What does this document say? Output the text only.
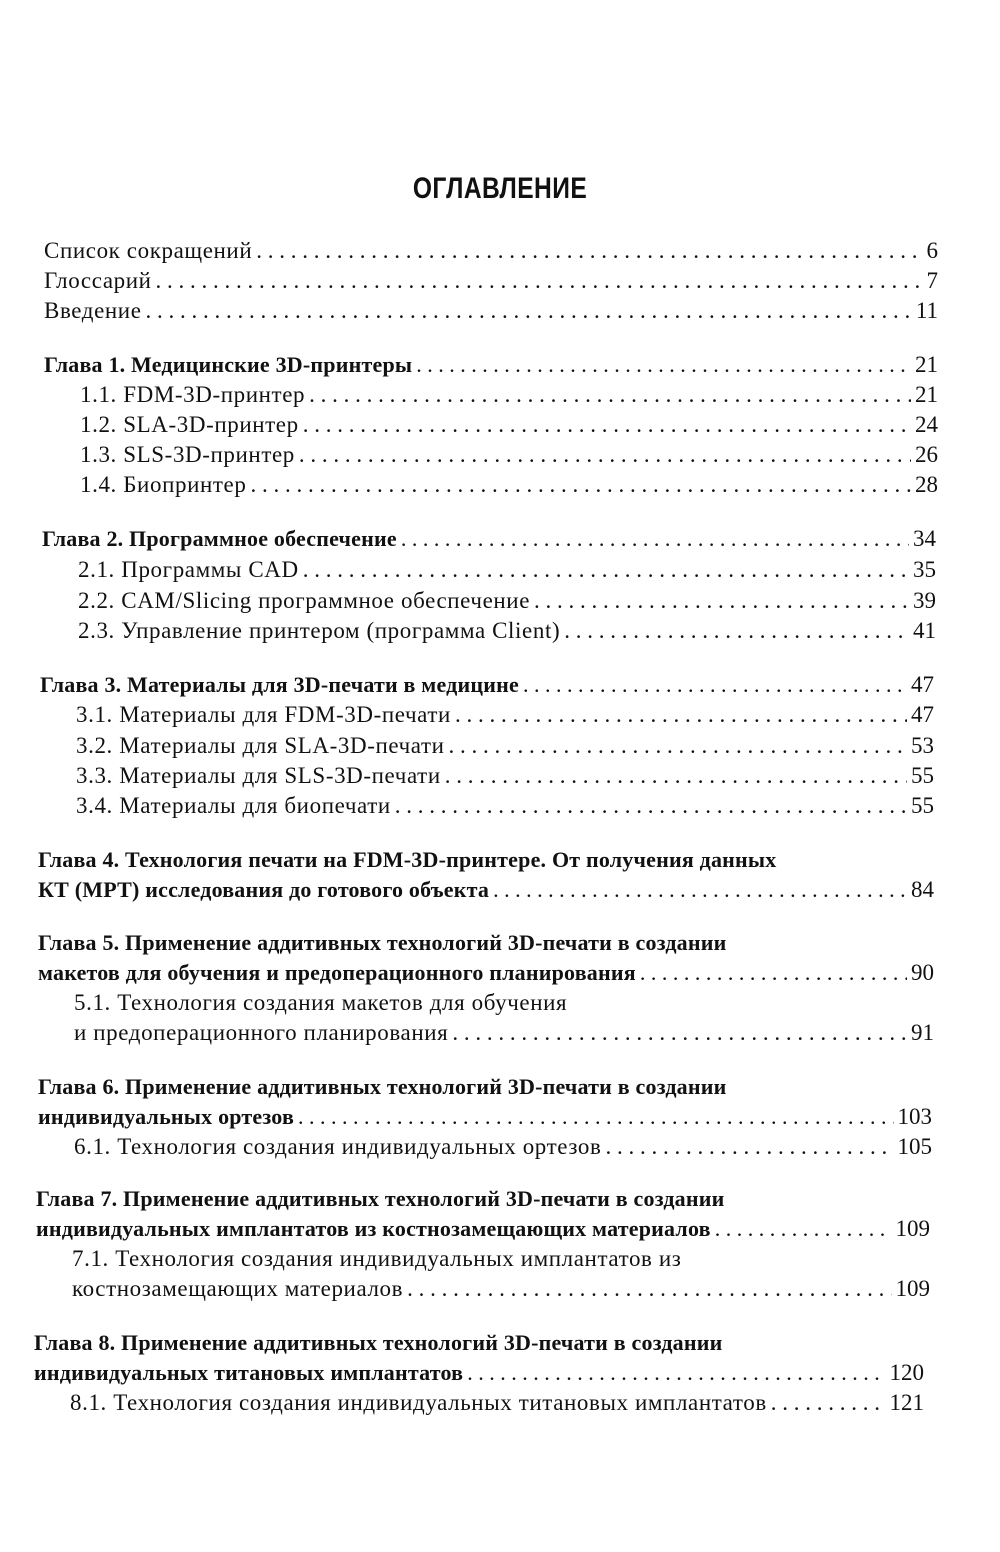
ОГЛАВЛЕНИЕ
Список сокращений . . .	6
Глоссарий . . .	7
Введение . . .	11
Глава 1. Медицинские 3D-принтеры . . .	21
1.1. FDM-3D-принтер . . .	21
1.2. SLA-3D-принтер . . .	24
1.3. SLS-3D-принтер . . .	26
1.4. Биопринтер . . .	28
Глава 2. Программное обеспечение . . .	34
2.1. Программы CAD . . .	35
2.2. CAM/Slicing программное обеспечение . . .	39
2.3. Управление принтером (программа Client) . . .	41
Глава 3. Материалы для 3D-печати в медицине . . .	47
3.1. Материалы для FDM-3D-печати . . .	47
3.2. Материалы для SLA-3D-печати . . .	53
3.3. Материалы для SLS-3D-печати . . .	55
3.4. Материалы для биопечати . . .	55
Глава 4. Технология печати на FDM-3D-принтере. От получения данных
КТ (МРТ) исследования до готового объекта . . .	84
Глава 5. Применение аддитивных технологий 3D-печати в создании
макетов для обучения и предоперационного планирования . . .	90
5.1. Технология создания макетов для обучения
и предоперационного планирования . . .	91
Глава 6. Применение аддитивных технологий 3D-печати в создании
индивидуальных ортезов . . .	103
6.1. Технология создания индивидуальных ортезов . . .	105
Глава 7. Применение аддитивных технологий 3D-печати в создании
индивидуальных имплантатов из костнозамещающих материалов . . .	109
7.1. Технология создания индивидуальных имплантатов из
костнозамещающих материалов . . .	109
Глава 8. Применение аддитивных технологий 3D-печати в создании
индивидуальных титановых имплантатов . . .	120
8.1. Технология создания индивидуальных титановых имплантатов . . .	121
